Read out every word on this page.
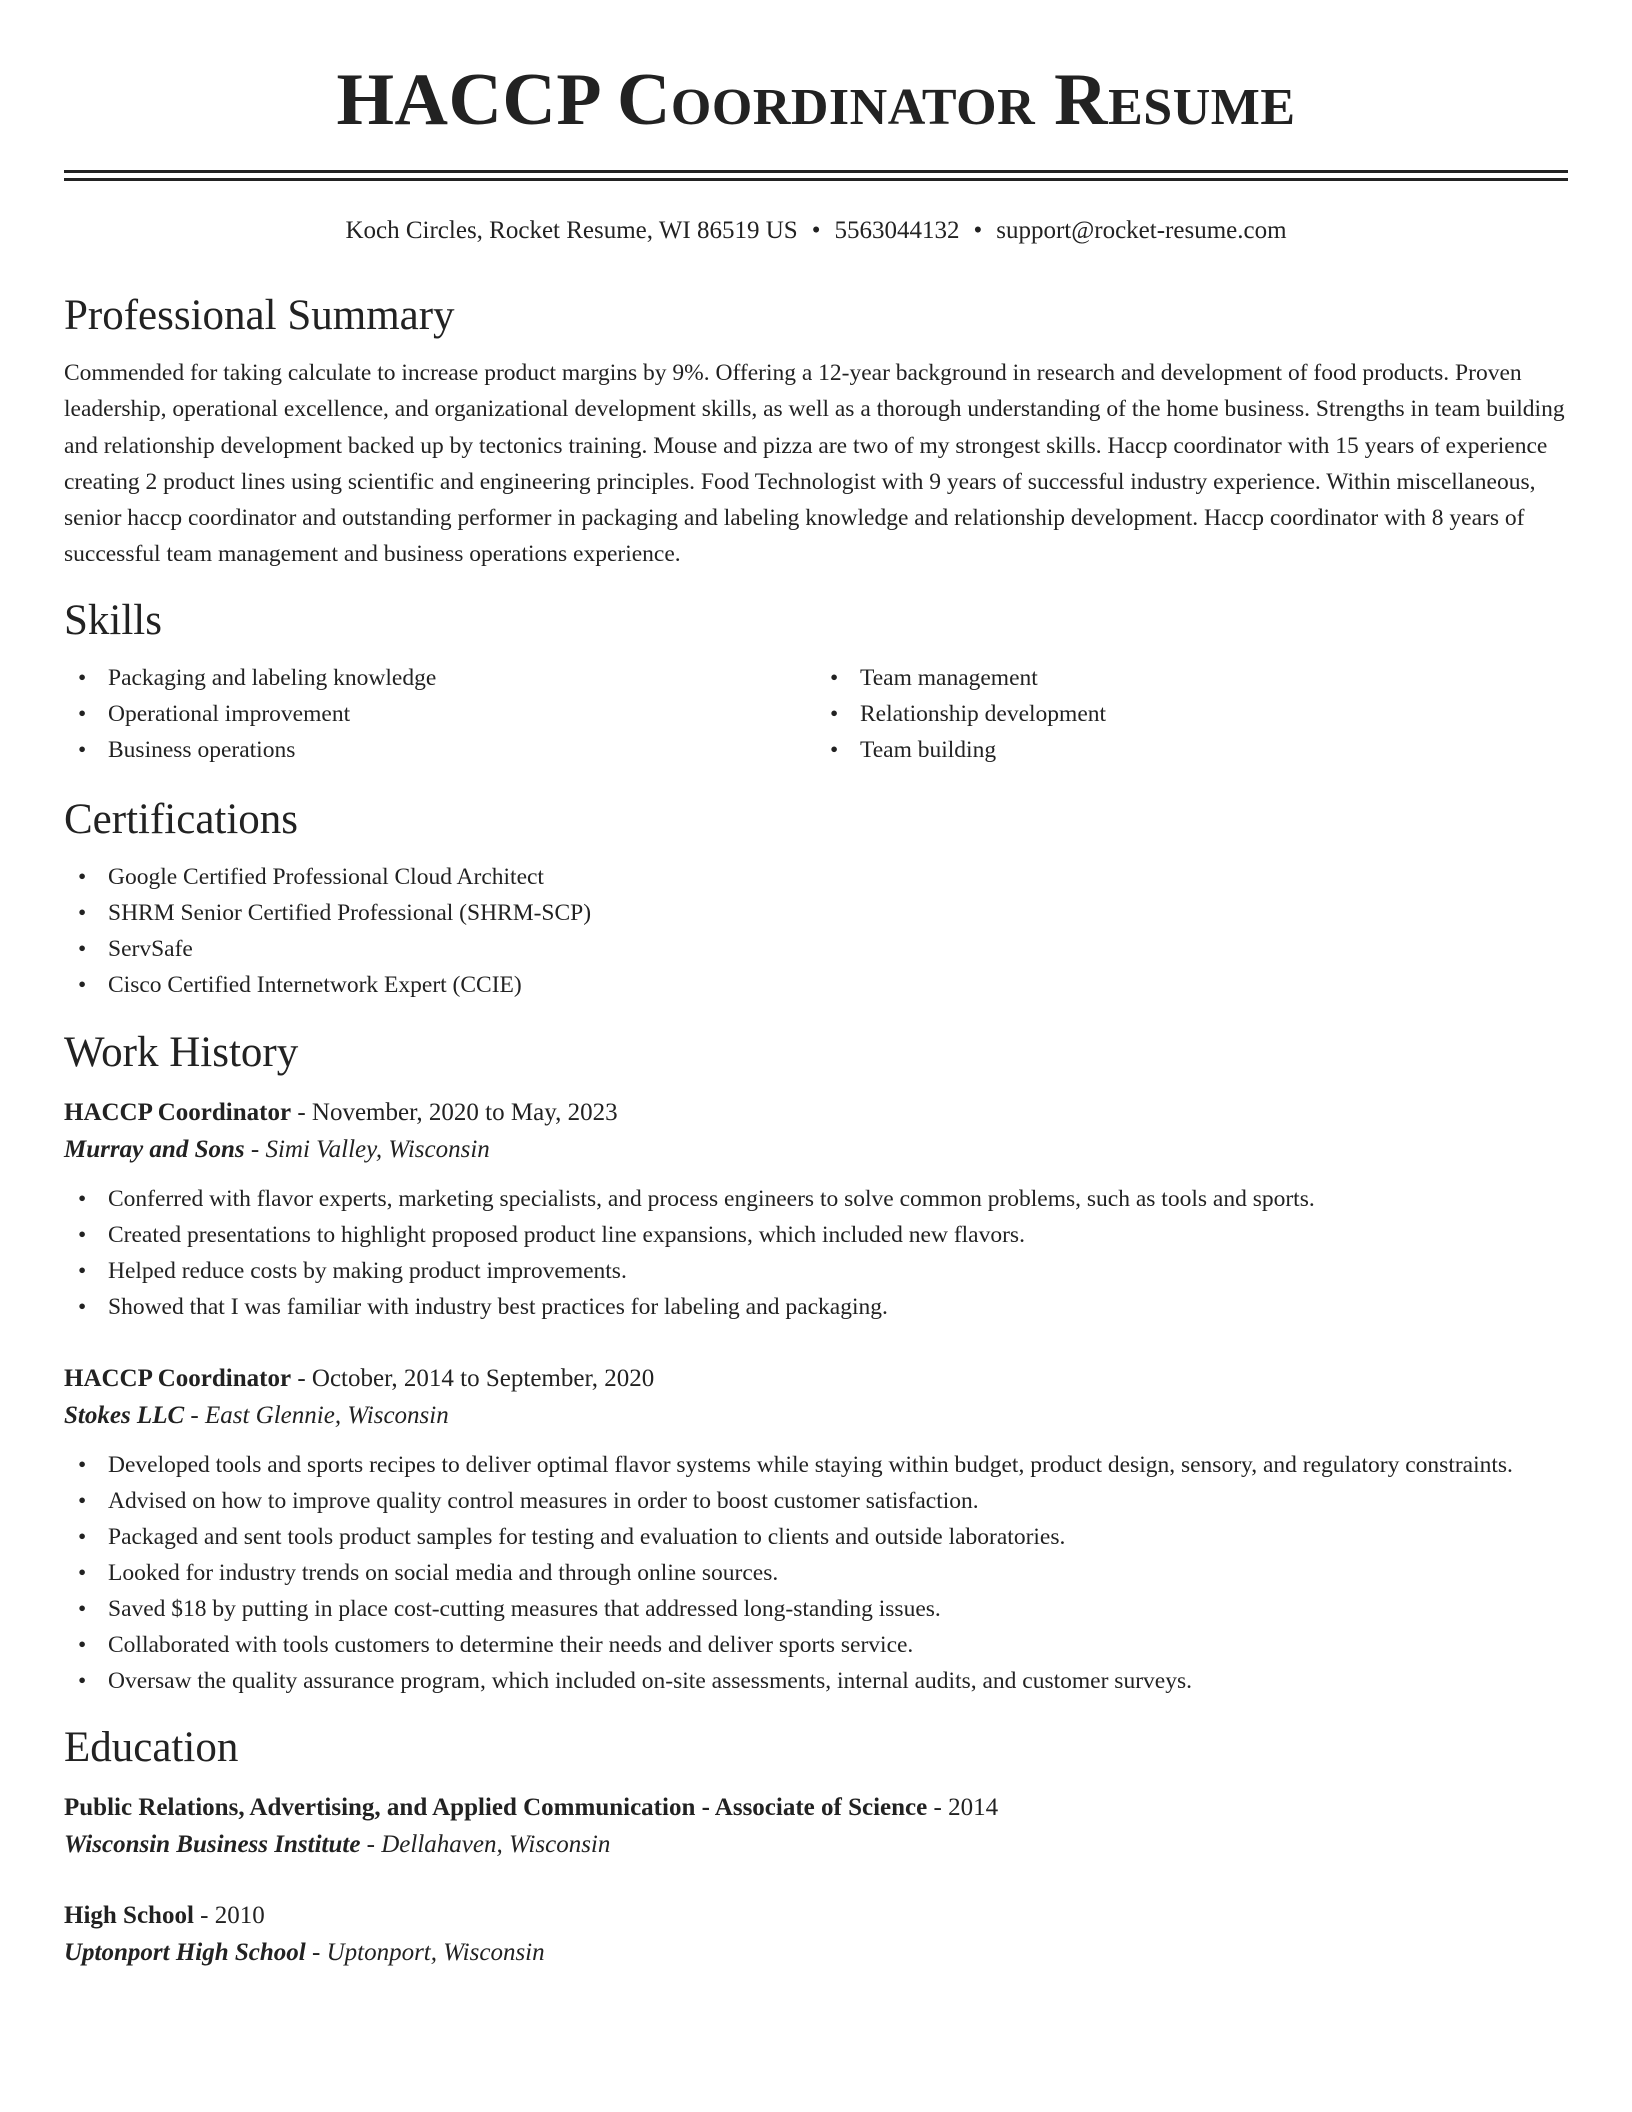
HACCP Coordinator Resume
Koch Circles, Rocket Resume, WI 86519 US • 5563044132 • support@rocket-resume.com
Professional Summary

Commended for taking calculate to increase product margins by 9%. Offering a 12-year background in research and development of food products. Proven leadership, operational excellence, and organizational development skills, as well as a thorough understanding of the home business. Strengths in team building and relationship development backed up by tectonics training. Mouse and pizza are two of my strongest skills. Haccp coordinator with 15 years of experience creating 2 product lines using scientific and engineering principles. Food Technologist with 9 years of successful industry experience. Within miscellaneous, senior haccp coordinator and outstanding performer in packaging and labeling knowledge and relationship development. Haccp coordinator with 8 years of successful team management and business operations experience.

Skills
• Packaging and labeling knowledge
• Operational improvement
• Business operations
• Team management
• Relationship development
• Team building
Certifications
• Google Certified Professional Cloud Architect
• SHRM Senior Certified Professional (SHRM-SCP)
• ServSafe
• Cisco Certified Internetwork Expert (CCIE)
Work History
HACCP Coordinator - November, 2020 to May, 2023
Murray and Sons - Simi Valley, Wisconsin
• Conferred with flavor experts, marketing specialists, and process engineers to solve common problems, such as tools and sports.
• Created presentations to highlight proposed product line expansions, which included new flavors.
• Helped reduce costs by making product improvements.
• Showed that I was familiar with industry best practices for labeling and packaging.
HACCP Coordinator - October, 2014 to September, 2020
Stokes LLC - East Glennie, Wisconsin
• Developed tools and sports recipes to deliver optimal flavor systems while staying within budget, product design, sensory, and regulatory constraints.
• Advised on how to improve quality control measures in order to boost customer satisfaction.
• Packaged and sent tools product samples for testing and evaluation to clients and outside laboratories.
• Looked for industry trends on social media and through online sources.
• Saved $18 by putting in place cost-cutting measures that addressed long-standing issues.
• Collaborated with tools customers to determine their needs and deliver sports service.
• Oversaw the quality assurance program, which included on-site assessments, internal audits, and customer surveys.
Education
Public Relations, Advertising, and Applied Communication - Associate of Science - 2014
Wisconsin Business Institute - Dellahaven, Wisconsin
High School - 2010
Uptonport High School - Uptonport, Wisconsin
